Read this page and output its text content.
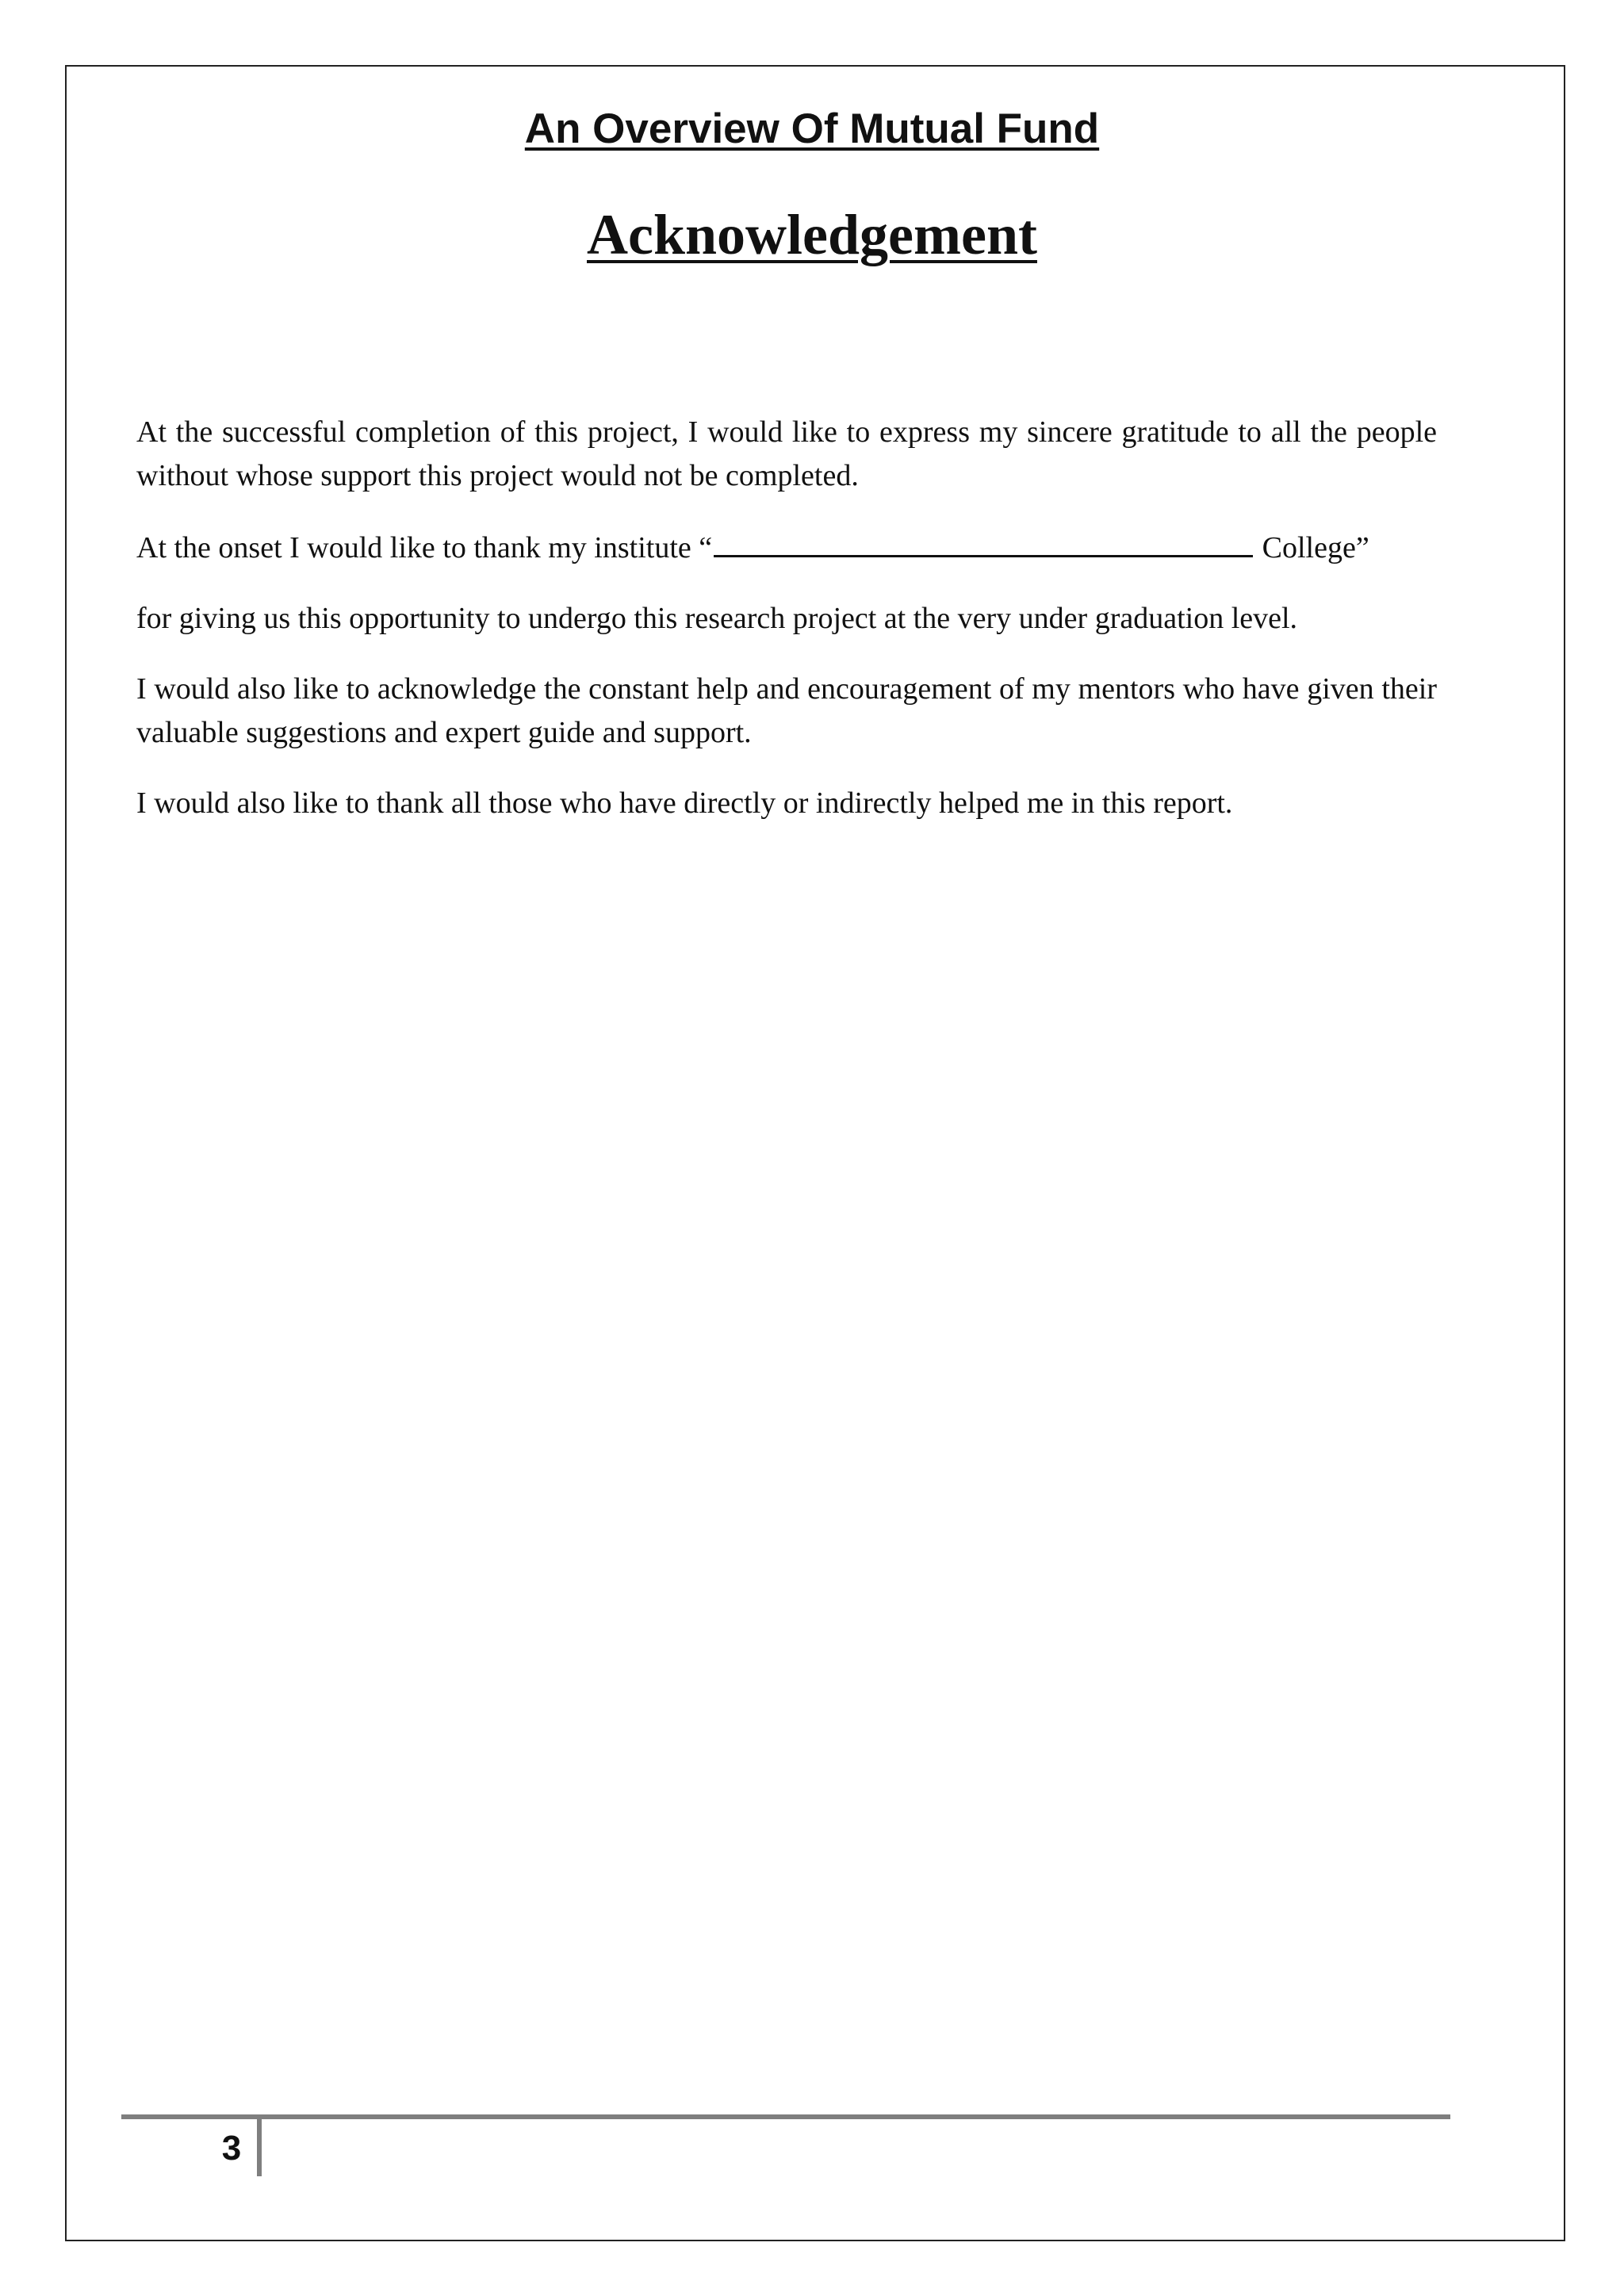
An Overview Of Mutual Fund
Acknowledgement

At the successful completion of this project, I would like to express my sincere gratitude to all the people without whose support this project would not be completed.

At the onset I would like to thank my institute “	College”

for giving us this opportunity to undergo this research project at the very under graduation level.

I would also like to acknowledge the constant help and encouragement of my mentors who have given their valuable suggestions and expert guide and support.

I would also like to thank all those who have directly or indirectly helped me in this report.

3
